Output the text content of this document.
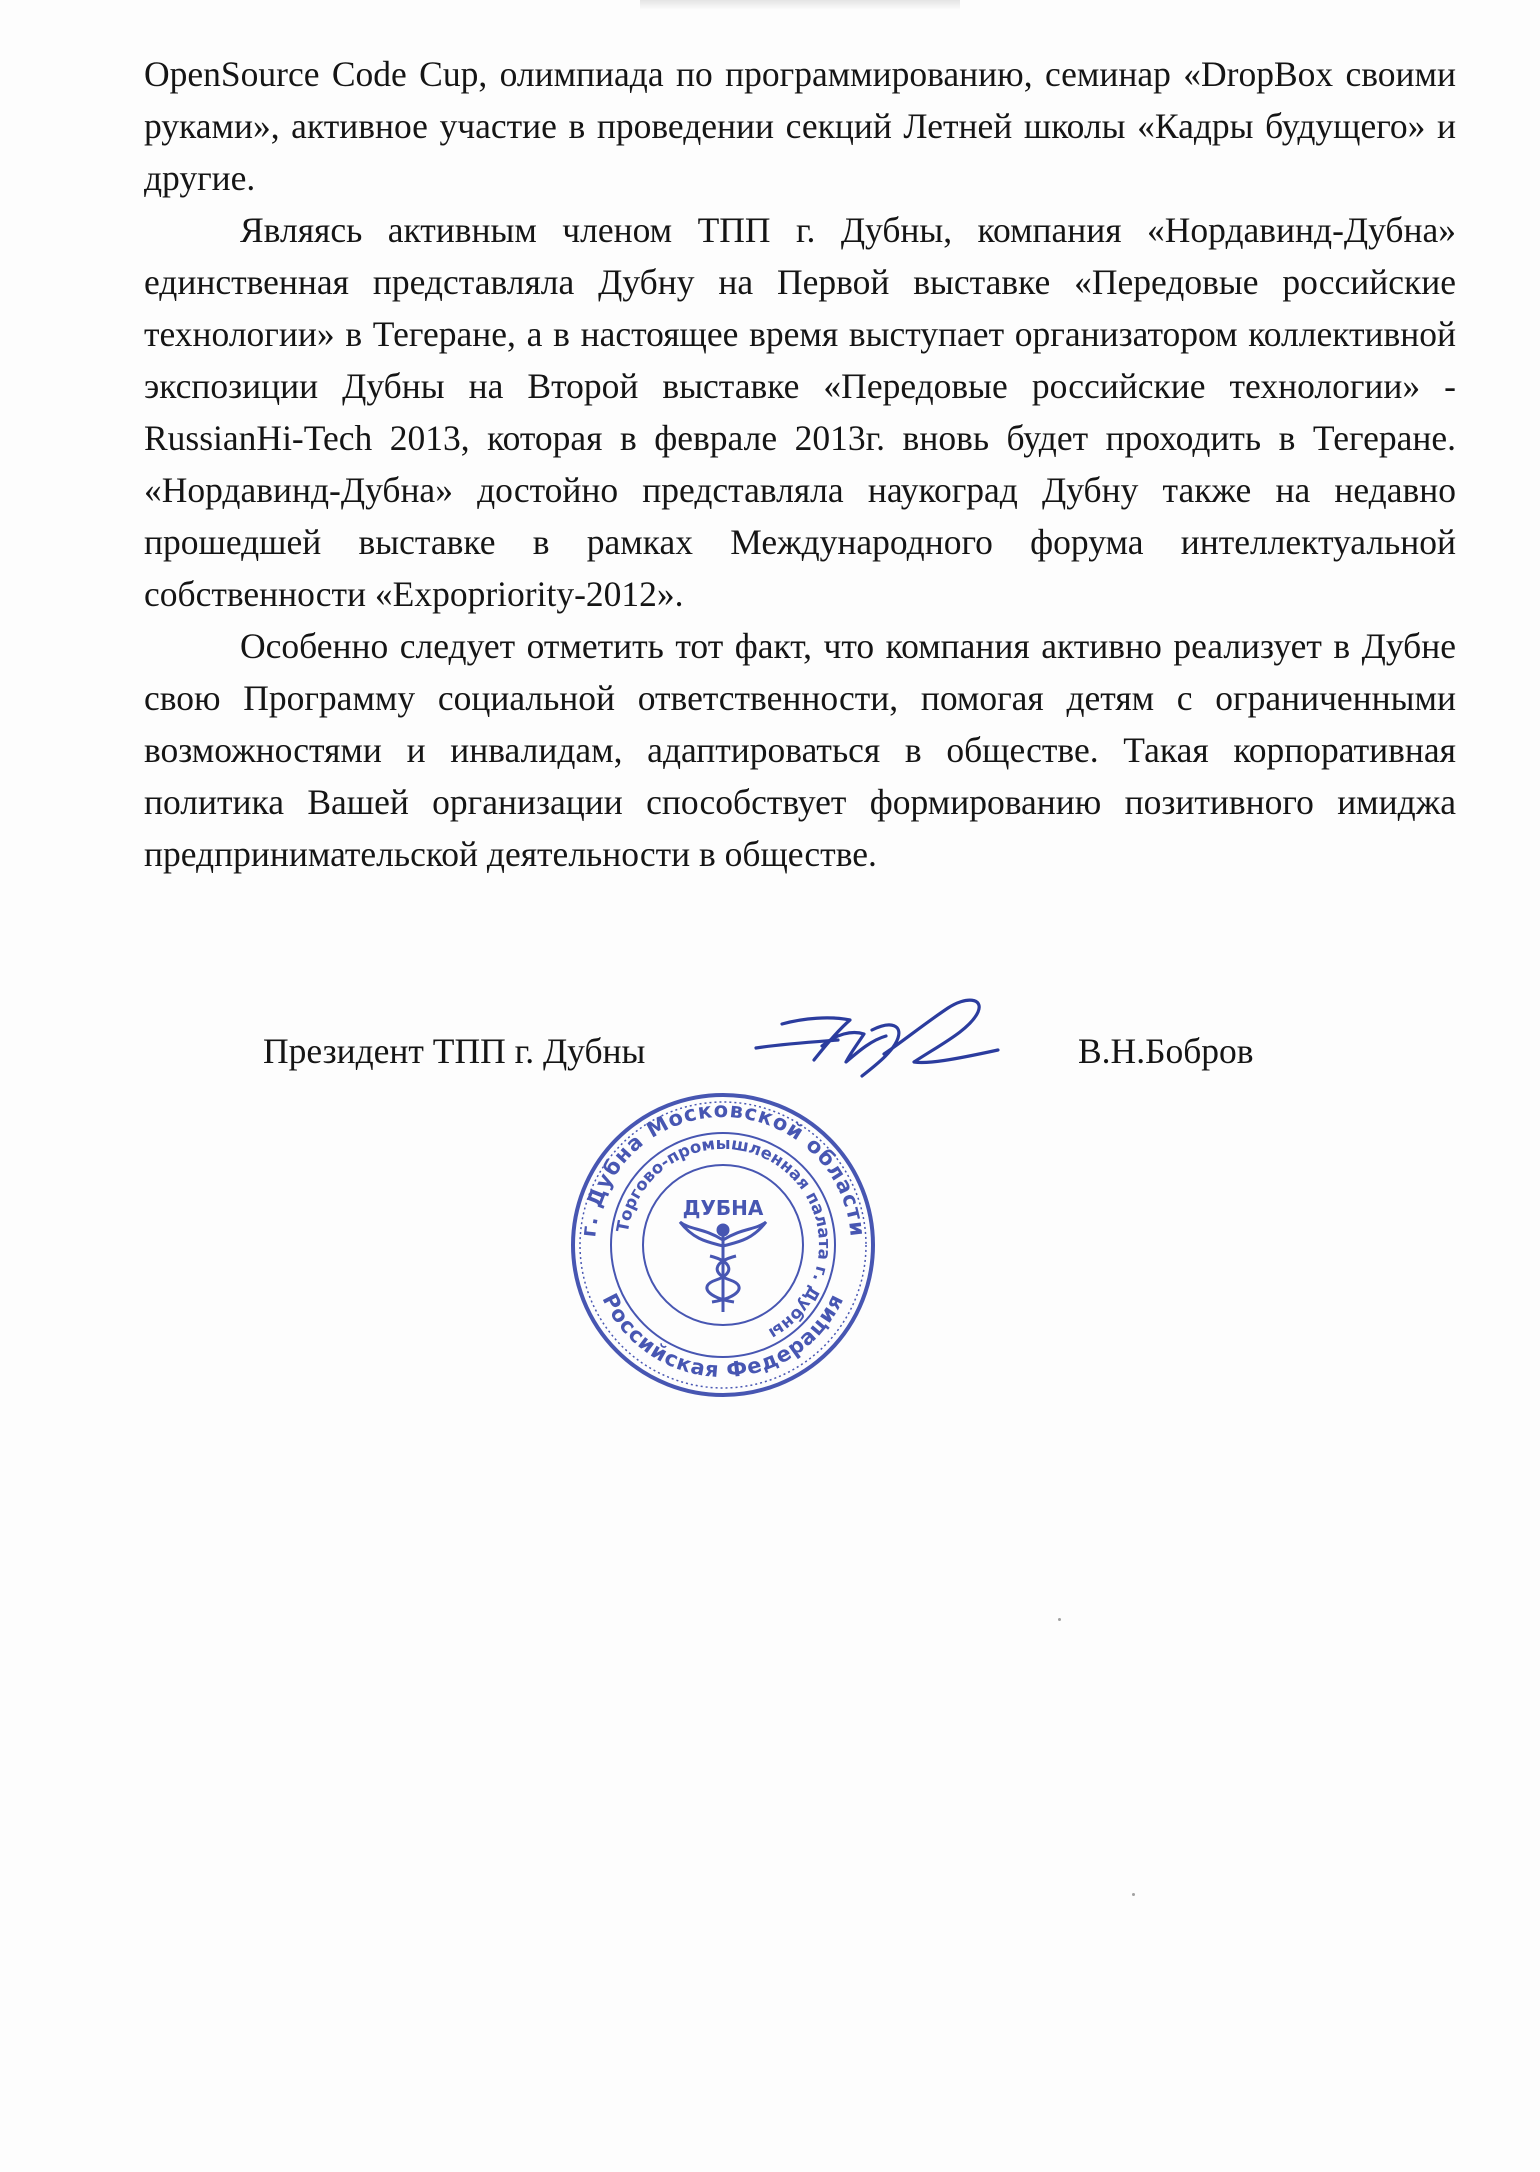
OpenSource Code Cup, олимпиада по программированию, семинар «DropBox своими руками», активное участие в проведении секций Летней школы «Кадры будущего» и другие.

Являясь активным членом ТПП г. Дубны, компания «Нордавинд-Дубна» единственная представляла Дубну на Первой выставке «Передовые российские технологии» в Тегеране, а в настоящее время выступает организатором коллективной экспозиции Дубны на Второй выставке «Передовые российские технологии» - RussianHi-Tech 2013, которая в феврале 2013г. вновь будет проходить в Тегеране. «Нордавинд-Дубна» достойно представляла наукоград Дубну также на недавно прошедшей выставке в рамках Международного форума интеллектуальной собственности «Expopriority-2012».

Особенно следует отметить тот факт, что компания активно реализует в Дубне свою Программу социальной ответственности, помогая детям с ограниченными возможностями и инвалидам, адаптироваться в обществе. Такая корпоративная политика Вашей организации способствует формированию позитивного имиджа предпринимательской деятельности в обществе.

Президент ТПП г. Дубны	В.Н.Бобров
г. Дубна Московской области
Российская Федерация
Торгово-промышленная палата г. Дубны
ДУБНА
